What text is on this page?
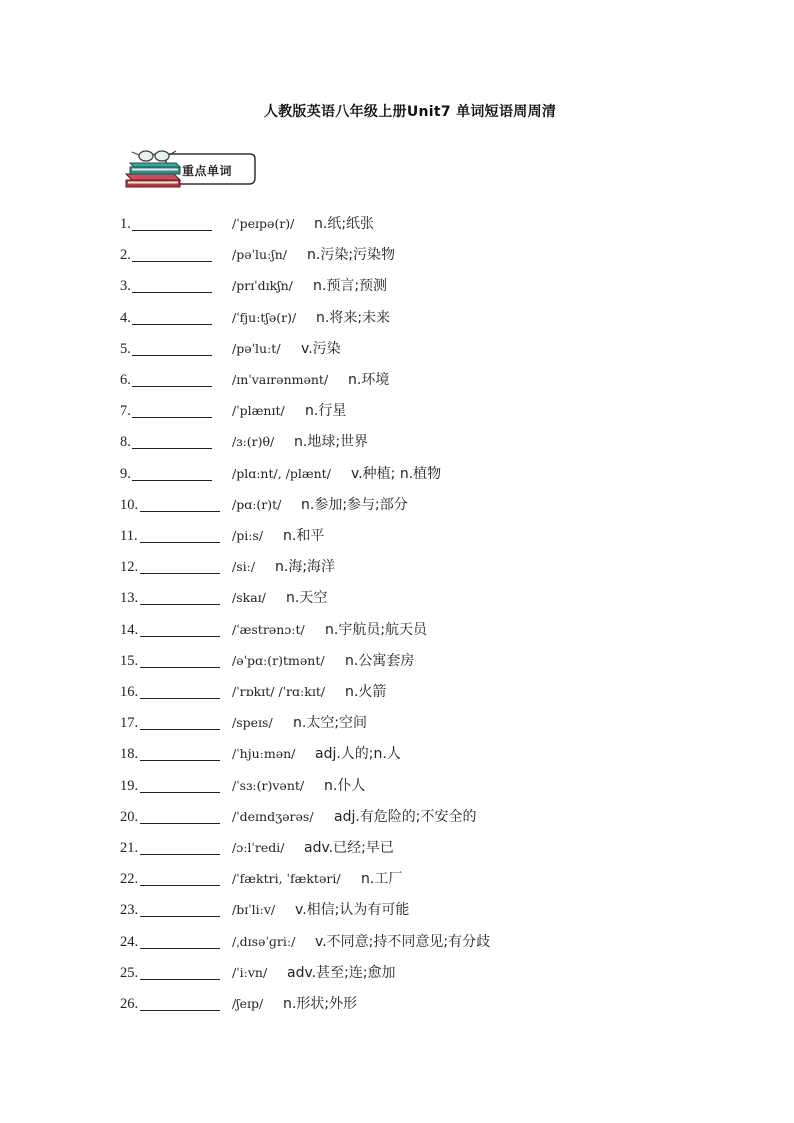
人教版英语八年级上册Unit7 单词短语周周清
重点单词
1.	/ˈpeɪpə(r)/ n.纸;纸张
2.	/pəˈluːʃn/ n.污染;污染物
3.	/prɪˈdɪkʃn/ n.预言;预测
4.	/ˈfjuːtʃə(r)/ n.将来;未来
5.	/pəˈluːt/ v.污染
6.	/ɪnˈvaɪrənmənt/ n.环境
7.	/ˈplænɪt/ n.行星
8.	/ɜː(r)θ/ n.地球;世界
9.	/plɑːnt/, /plænt/ v.种植; n.植物
10.	/pɑː(r)t/ n.参加;参与;部分
11.	/piːs/ n.和平
12.	/siː/ n.海;海洋
13.	/skaɪ/ n.天空
14.	/ˈæstrənɔːt/ n.宇航员;航天员
15.	/əˈpɑː(r)tmənt/ n.公寓套房
16.	/ˈrɒkɪt/ /ˈrɑːkɪt/ n.火箭
17.	/speɪs/ n.太空;空间
18.	/ˈhjuːmən/ adj.人的;n.人
19.	/ˈsɜː(r)vənt/ n.仆人
20.	/ˈdeɪndʒərəs/ adj.有危险的;不安全的
21.	/ɔːlˈredi/ adv.已经;早已
22.	/ˈfæktri, ˈfæktəri/ n.工厂
23.	/bɪˈliːv/ v.相信;认为有可能
24.	/ˌdɪsəˈɡriː/ v.不同意;持不同意见;有分歧
25.	/ˈiːvn/ adv.甚至;连;愈加
26.	/ʃeɪp/ n.形状;外形
